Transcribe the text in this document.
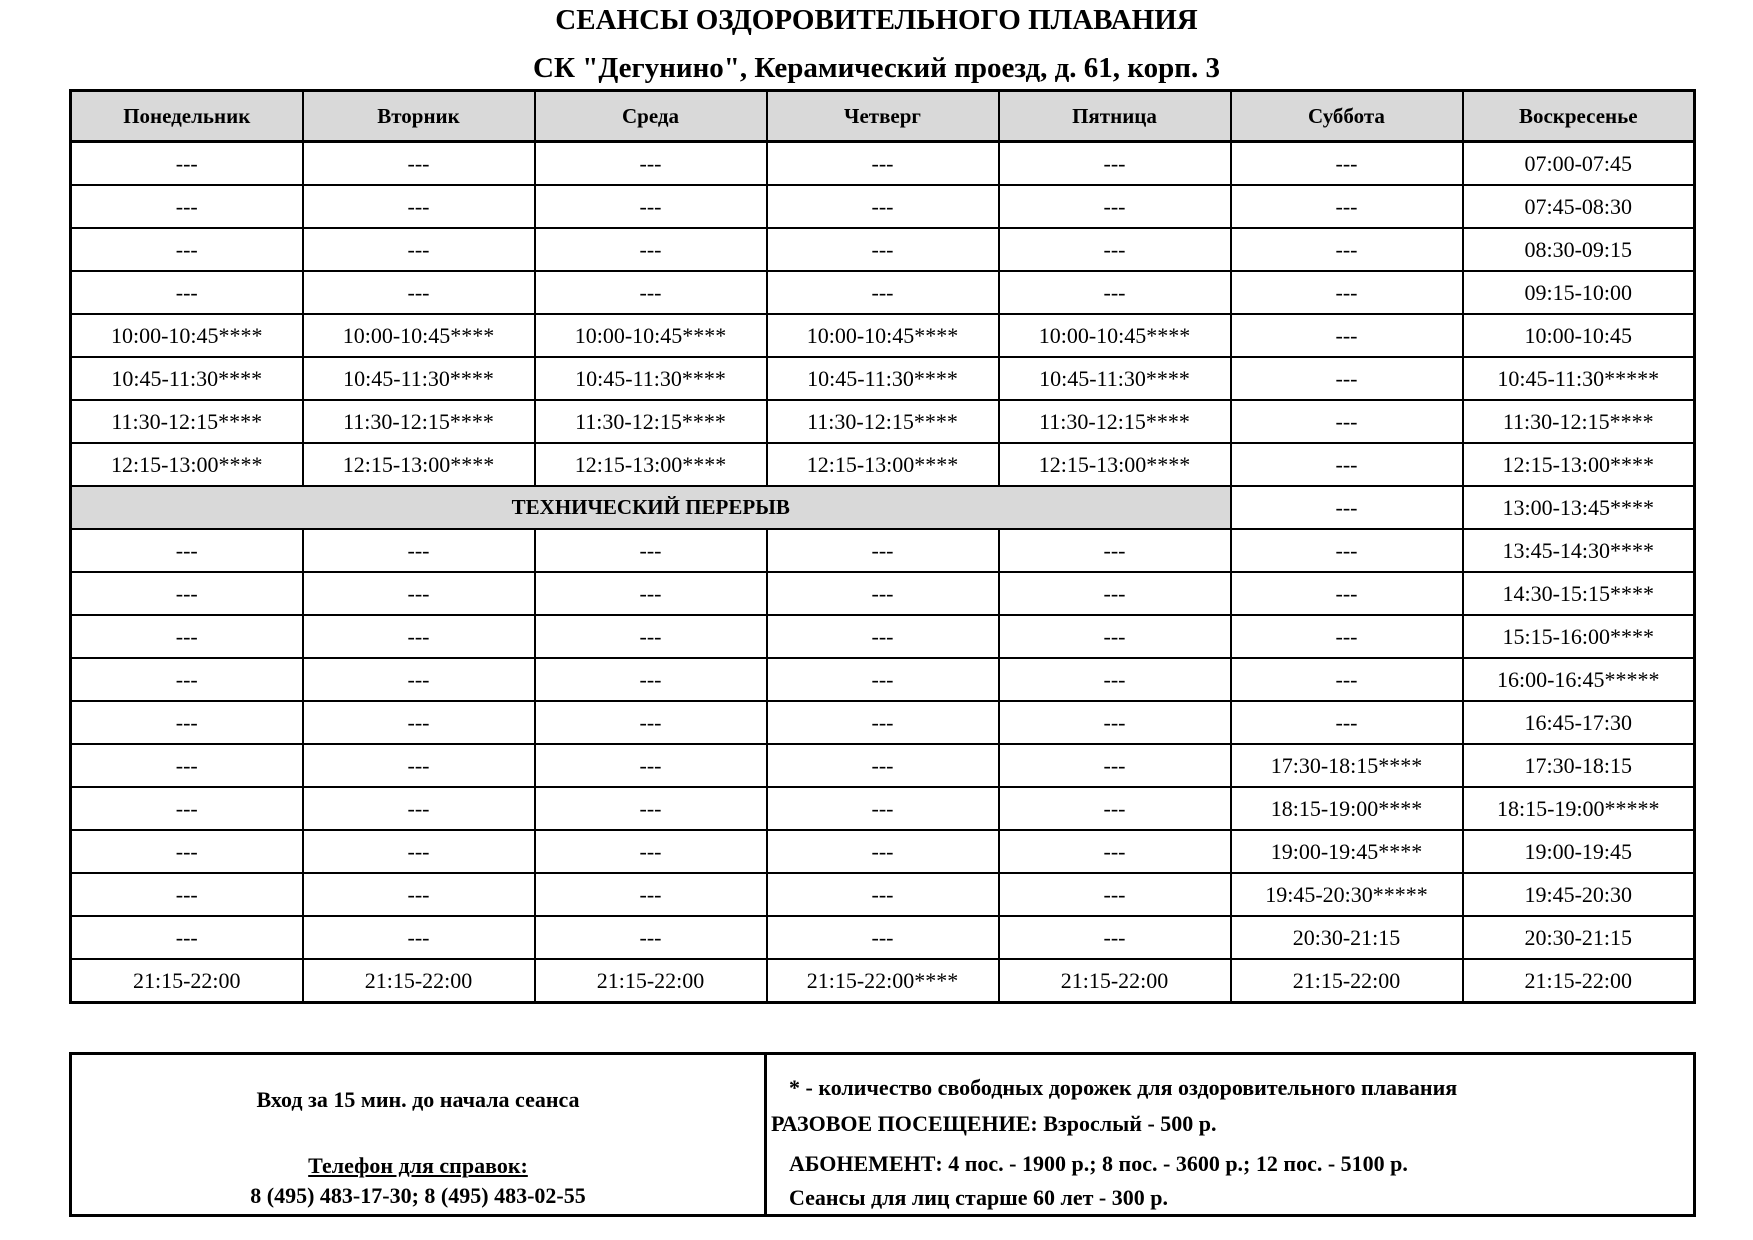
СЕАНСЫ ОЗДОРОВИТЕЛЬНОГО ПЛАВАНИЯ
СК "Дегунино", Керамический проезд, д. 61, корп. 3
Понедельник	Вторник	Среда	Четверг	Пятница	Суббота	Воскресенье
---	---	---	---	---	---	07:00-07:45
---	---	---	---	---	---	07:45-08:30
---	---	---	---	---	---	08:30-09:15
---	---	---	---	---	---	09:15-10:00
10:00-10:45****	10:00-10:45****	10:00-10:45****	10:00-10:45****	10:00-10:45****	---	10:00-10:45
10:45-11:30****	10:45-11:30****	10:45-11:30****	10:45-11:30****	10:45-11:30****	---	10:45-11:30*****
11:30-12:15****	11:30-12:15****	11:30-12:15****	11:30-12:15****	11:30-12:15****	---	11:30-12:15****
12:15-13:00****	12:15-13:00****	12:15-13:00****	12:15-13:00****	12:15-13:00****	---	12:15-13:00****
ТЕХНИЧЕСКИЙ ПЕРЕРЫВ					---	13:00-13:45****
---	---	---	---	---	---	13:45-14:30****
---	---	---	---	---	---	14:30-15:15****
---	---	---	---	---	---	15:15-16:00****
---	---	---	---	---	---	16:00-16:45*****
---	---	---	---	---	---	16:45-17:30
---	---	---	---	---	17:30-18:15****	17:30-18:15
---	---	---	---	---	18:15-19:00****	18:15-19:00*****
---	---	---	---	---	19:00-19:45****	19:00-19:45
---	---	---	---	---	19:45-20:30*****	19:45-20:30
---	---	---	---	---	20:30-21:15	20:30-21:15
21:15-22:00	21:15-22:00	21:15-22:00	21:15-22:00****	21:15-22:00	21:15-22:00	21:15-22:00
Вход за 15 мин. до начала сеанса
Телефон для справок:
8 (495) 483-17-30; 8 (495) 483-02-55
* - количество свободных дорожек для оздоровительного плавания
РАЗОВОЕ ПОСЕЩЕНИЕ: Взрослый - 500 р.
АБОНЕМЕНТ: 4 пос. - 1900 р.; 8 пос. - 3600 р.; 12 пос. - 5100 р.
Сеансы для лиц старше 60 лет - 300 р.
